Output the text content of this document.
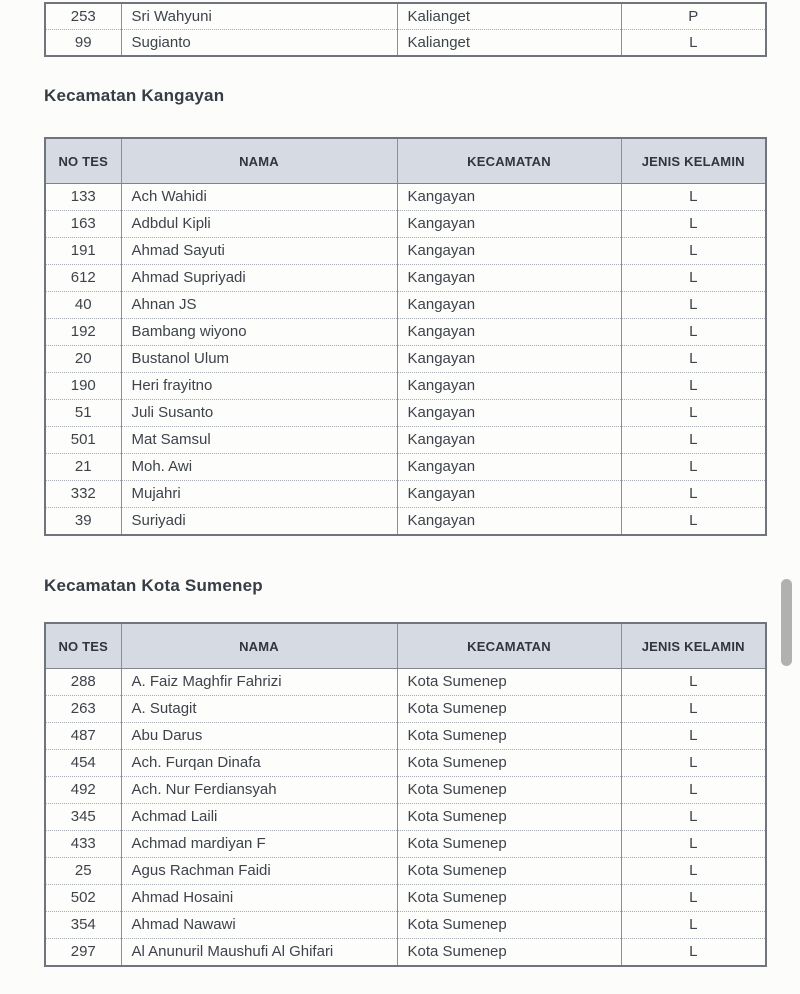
253	Sri Wahyuni	Kalianget	P
99	Sugianto	Kalianget	L
Kecamatan Kangayan
NO TES	NAMA	KECAMATAN	JENIS KELAMIN
133	Ach Wahidi	Kangayan	L
163	Adbdul Kipli	Kangayan	L
191	Ahmad Sayuti	Kangayan	L
612	Ahmad Supriyadi	Kangayan	L
40	Ahnan JS	Kangayan	L
192	Bambang wiyono	Kangayan	L
20	Bustanol Ulum	Kangayan	L
190	Heri frayitno	Kangayan	L
51	Juli Susanto	Kangayan	L
501	Mat Samsul	Kangayan	L
21	Moh. Awi	Kangayan	L
332	Mujahri	Kangayan	L
39	Suriyadi	Kangayan	L
Kecamatan Kota Sumenep
NO TES	NAMA	KECAMATAN	JENIS KELAMIN
288	A. Faiz Maghfir Fahrizi	Kota Sumenep	L
263	A. Sutagit	Kota Sumenep	L
487	Abu Darus	Kota Sumenep	L
454	Ach. Furqan Dinafa	Kota Sumenep	L
492	Ach. Nur Ferdiansyah	Kota Sumenep	L
345	Achmad Laili	Kota Sumenep	L
433	Achmad mardiyan F	Kota Sumenep	L
25	Agus Rachman Faidi	Kota Sumenep	L
502	Ahmad Hosaini	Kota Sumenep	L
354	Ahmad Nawawi	Kota Sumenep	L
297	Al Anunuril Maushufi Al Ghifari	Kota Sumenep	L
